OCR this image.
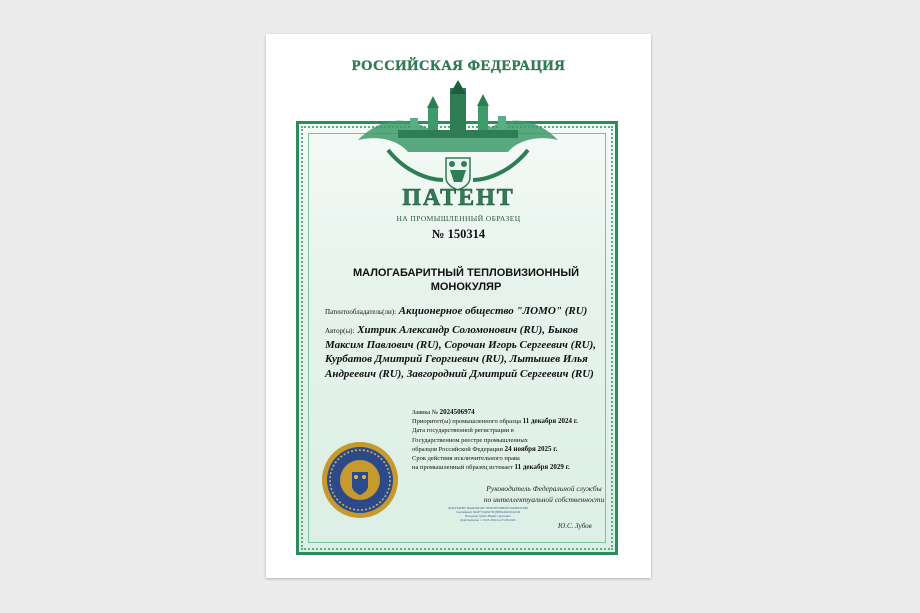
РОССИЙСКАЯ ФЕДЕРАЦИЯ
ПАТЕНТ
НА ПРОМЫШЛЕННЫЙ ОБРАЗЕЦ
№ 150314
МАЛОГАБАРИТНЫЙ ТЕПЛОВИЗИОННЫЙ
МОНОКУЛЯР
Патентообладатель(ли): Акционерное общество "ЛОМО" (RU)
Автор(ы): Хитрик Александр Соломонович (RU), Быков
Максим Павлович (RU), Сорочан Игорь Сергеевич (RU),
Курбатов Дмитрий Георгиевич (RU), Лытышев Илья
Андреевич (RU), Завгородний Дмитрий Сергеевич (RU)
Заявка № 2024506974
Приоритет(ы) промышленного образца 11 декабря 2024 г.
Дата государственной регистрации в
Государственном реестре промышленных
образцов Российской Федерации 24 ноября 2025 г.
Срок действия исключительного права
на промышленный образец истекает 11 декабря 2029 г.
Руководитель Федеральной службы
по интеллектуальной собственности
ДОКУМЕНТ ПОДПИСАН ЭЛЕКТРОННОЙ ПОДПИСЬЮ
Сертификат 69a8772a9bd76f1f838e4bb6f16e5d0
Владелец Зубов Юрий Сергеевич
Действителен с 10.05.2024 по 03.08.2025
Ю.С. Зубов
